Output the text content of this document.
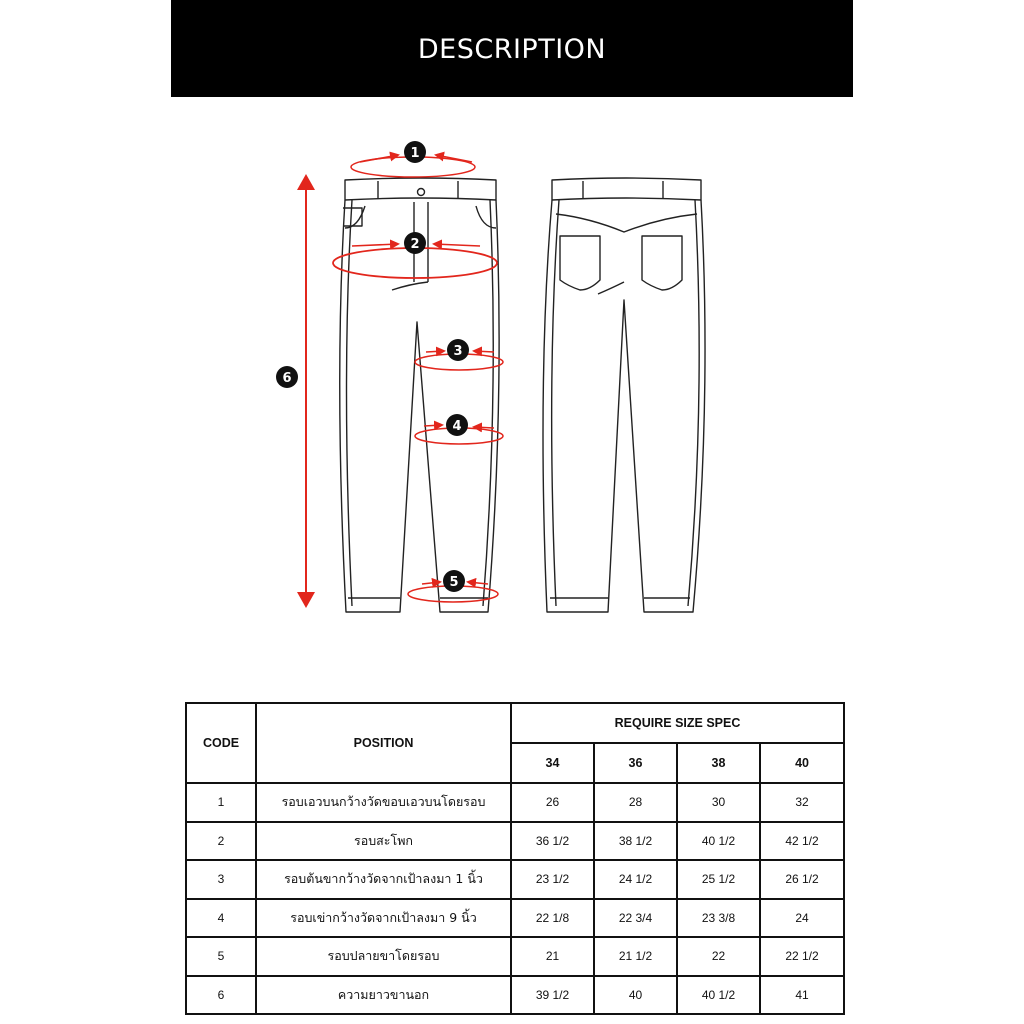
DESCRIPTION
1
2
3
4
5
6
CODE	POSITION	REQUIRE SIZE SPEC			
		34	36	38	40
1	รอบเอวบนกว้างวัดขอบเอวบนโดยรอบ	26	28	30	32
2	รอบสะโพก	36 1/2	38 1/2	40 1/2	42 1/2
3	รอบต้นขากว้างวัดจากเป้าลงมา 1 นิ้ว	23 1/2	24 1/2	25 1/2	26 1/2
4	รอบเข่ากว้างวัดจากเป้าลงมา 9 นิ้ว	22 1/8	22 3/4	23 3/8	24
5	รอบปลายขาโดยรอบ	21	21 1/2	22	22 1/2
6	ความยาวขานอก	39 1/2	40	40 1/2	41
